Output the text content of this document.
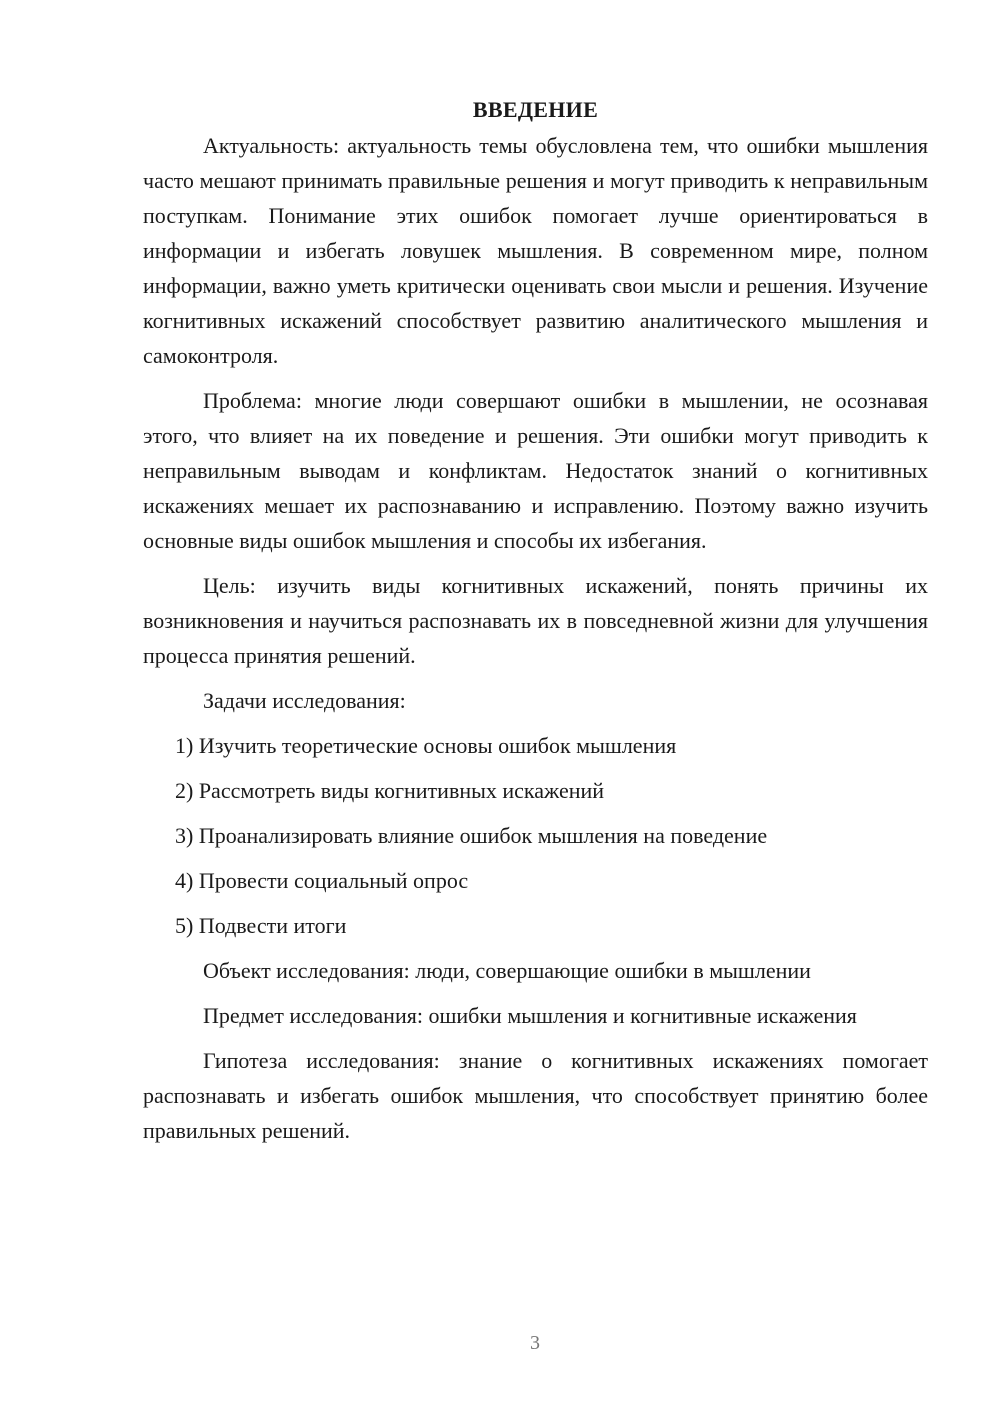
ВВЕДЕНИЕ

Актуальность: актуальность темы обусловлена тем, что ошибки мышления часто мешают принимать правильные решения и могут приводить к неправильным поступкам. Понимание этих ошибок помогает лучше ориентироваться в информации и избегать ловушек мышления. В современном мире, полном информации, важно уметь критически оценивать свои мысли и решения. Изучение когнитивных искажений способствует развитию аналитического мышления и самоконтроля.

Проблема: многие люди совершают ошибки в мышлении, не осознавая этого, что влияет на их поведение и решения. Эти ошибки могут приводить к неправильным выводам и конфликтам. Недостаток знаний о когнитивных искажениях мешает их распознаванию и исправлению. Поэтому важно изучить основные виды ошибок мышления и способы их избегания.

Цель: изучить виды когнитивных искажений, понять причины их возникновения и научиться распознавать их в повседневной жизни для улучшения процесса принятия решений.

Задачи исследования:

1) Изучить теоретические основы ошибок мышления

2) Рассмотреть виды когнитивных искажений

3) Проанализировать влияние ошибок мышления на поведение

4) Провести социальный опрос

5) Подвести итоги

Объект исследования: люди, совершающие ошибки в мышлении

Предмет исследования: ошибки мышления и когнитивные искажения

Гипотеза исследования: знание о когнитивных искажениях помогает распознавать и избегать ошибок мышления, что способствует принятию более правильных решений.

3
